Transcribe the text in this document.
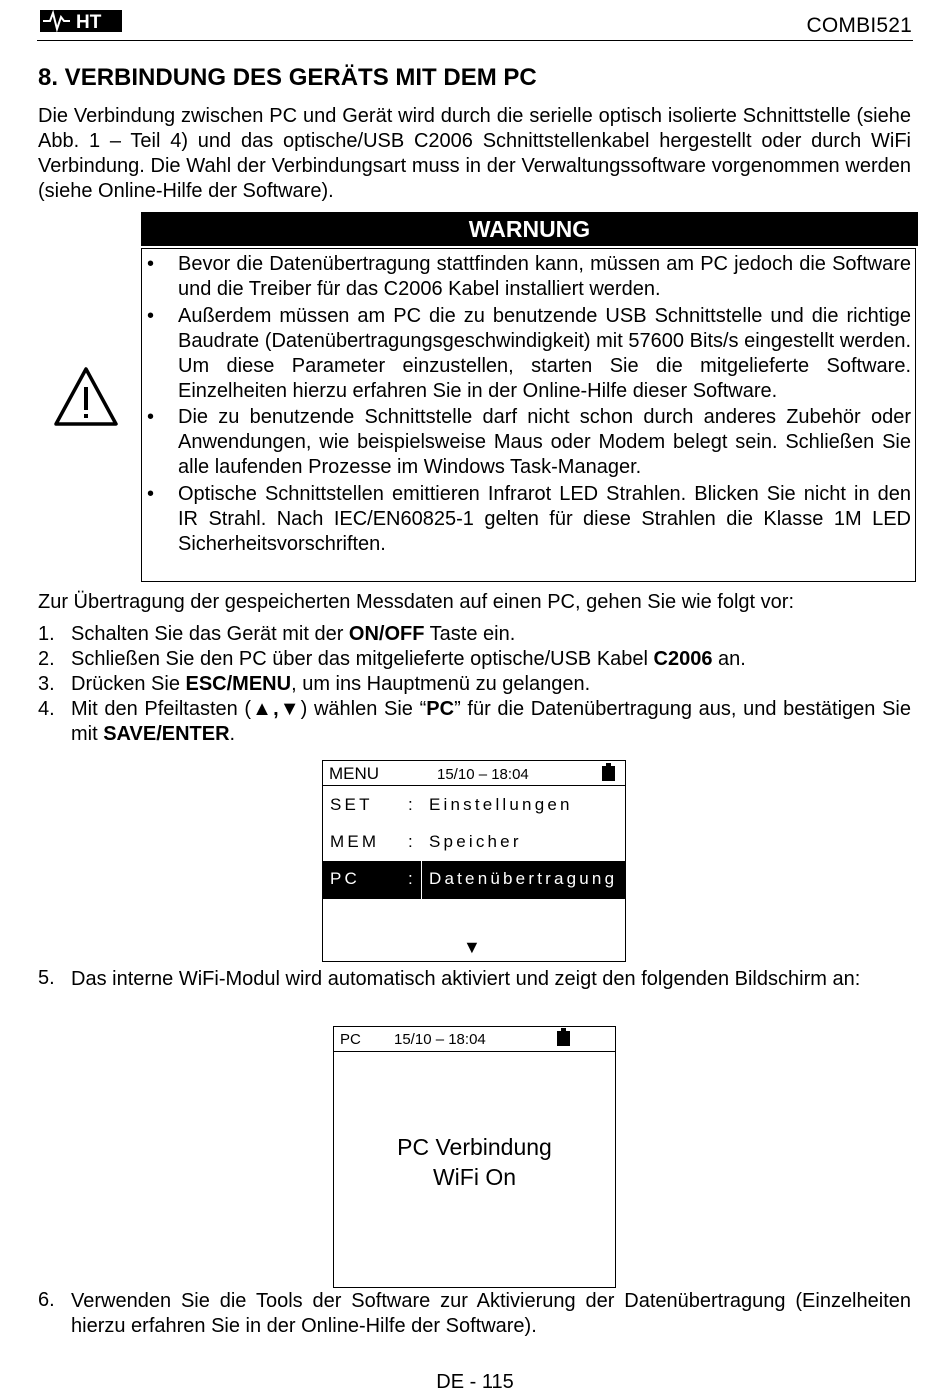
HT	COMBI521
8. VERBINDUNG DES GERÄTS MIT DEM PC

Die Verbindung zwischen PC und Gerät wird durch die serielle optisch isolierte Schnittstelle (siehe Abb. 1 – Teil 4) und das optische/USB C2006 Schnittstellenkabel hergestellt oder durch WiFi Verbindung. Die Wahl der Verbindungsart muss in der Verwaltungssoftware vorgenommen werden (siehe Online-Hilfe der Software).

WARNUNG
• Bevor die Datenübertragung stattfinden kann, müssen am PC jedoch die Software und die Treiber für das C2006 Kabel installiert werden.
• Außerdem müssen am PC die zu benutzende USB Schnittstelle und die richtige Baudrate (Datenübertragungsgeschwindigkeit) mit 57600 Bits/s eingestellt werden. Um diese Parameter einzustellen, starten Sie die mitgelieferte Software. Einzelheiten hierzu erfahren Sie in der Online-Hilfe dieser Software.
• Die zu benutzende Schnittstelle darf nicht schon durch anderes Zubehör oder Anwendungen, wie beispielsweise Maus oder Modem belegt sein. Schließen Sie alle laufenden Prozesse im Windows Task-Manager.
• Optische Schnittstellen emittieren Infrarot LED Strahlen. Blicken Sie nicht in den IR Strahl. Nach IEC/EN60825-1 gelten für diese Strahlen die Klasse 1M LED Sicherheitsvorschriften.

Zur Übertragung der gespeicherten Messdaten auf einen PC, gehen Sie wie folgt vor:

1. Schalten Sie das Gerät mit der ON/OFF Taste ein.
2. Schließen Sie den PC über das mitgelieferte optische/USB Kabel C2006 an.
3. Drücken Sie ESC/MENU, um ins Hauptmenü zu gelangen.
4. Mit den Pfeiltasten (▲,▼) wählen Sie “PC” für die Datenübertragung aus, und bestätigen Sie mit SAVE/ENTER.
MENU	15/10 – 18:04
SET : Einstellungen
MEM : Speicher
PC	: Datenübertragung
▼
5. Das interne WiFi-Modul wird automatisch aktiviert und zeigt den folgenden Bildschirm an:

PC 15/10 – 18:04
PC Verbindung
WiFi On
6. Verwenden Sie die Tools der Software zur Aktivierung der Datenübertragung (Einzelheiten hierzu erfahren Sie in der Online-Hilfe der Software).

DE - 115
